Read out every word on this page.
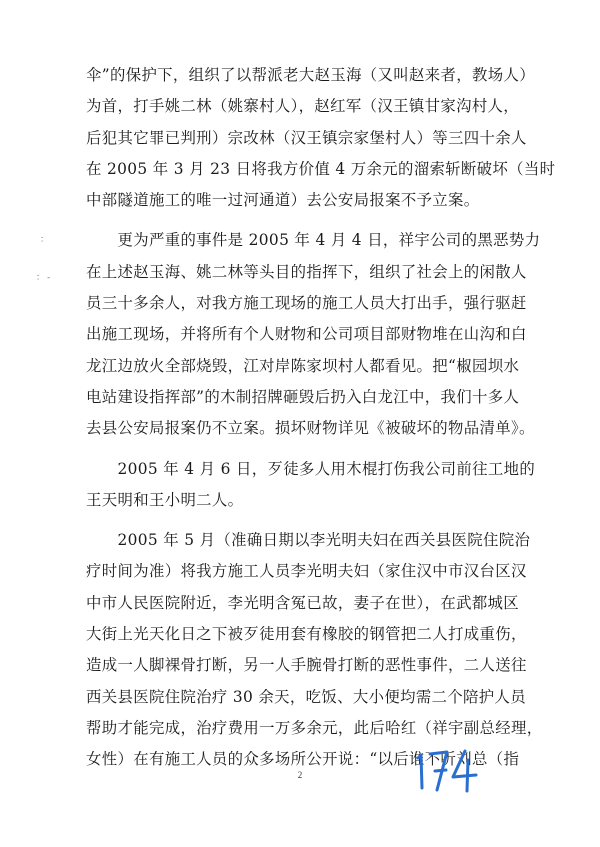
：
：-
伞”的保护下，组织了以帮派老大赵玉海（又叫赵来者，教场人）
为首，打手姚二林（姚寨村人），赵红军（汉王镇甘家沟村人，
后犯其它罪已判刑）宗改林（汉王镇宗家堡村人）等三四十余人
在 2005 年 3 月 23 日将我方价值 4 万余元的溜索斩断破坏（当时
中部隧道施工的唯一过河通道）去公安局报案不予立案。
　　更为严重的事件是 2005 年 4 月 4 日，祥宇公司的黑恶势力
在上述赵玉海、姚二林等头目的指挥下，组织了社会上的闲散人
员三十多余人，对我方施工现场的施工人员大打出手，强行驱赶
出施工现场，并将所有个人财物和公司项目部财物堆在山沟和白
龙江边放火全部烧毁，江对岸陈家坝村人都看见。把“椒园坝水
电站建设指挥部”的木制招牌砸毁后扔入白龙江中，我们十多人
去县公安局报案仍不立案。损坏财物详见《被破坏的物品清单》。
　　2005 年 4 月 6 日，歹徒多人用木棍打伤我公司前往工地的
王天明和王小明二人。
　　2005 年 5 月（准确日期以李光明夫妇在西关县医院住院治
疗时间为准）将我方施工人员李光明夫妇（家住汉中市汉台区汉
中市人民医院附近，李光明含冤已故，妻子在世），在武都城区
大街上光天化日之下被歹徒用套有橡胶的钢管把二人打成重伤，
造成一人脚裸骨打断，另一人手腕骨打断的恶性事件，二人送往
西关县医院住院治疗 30 余天，吃饭、大小便均需二个陪护人员
帮助才能完成，治疗费用一万多余元，此后哈红（祥宇副总经理，
女性）在有施工人员的众多场所公开说：“以后谁不听刘总（指
2
